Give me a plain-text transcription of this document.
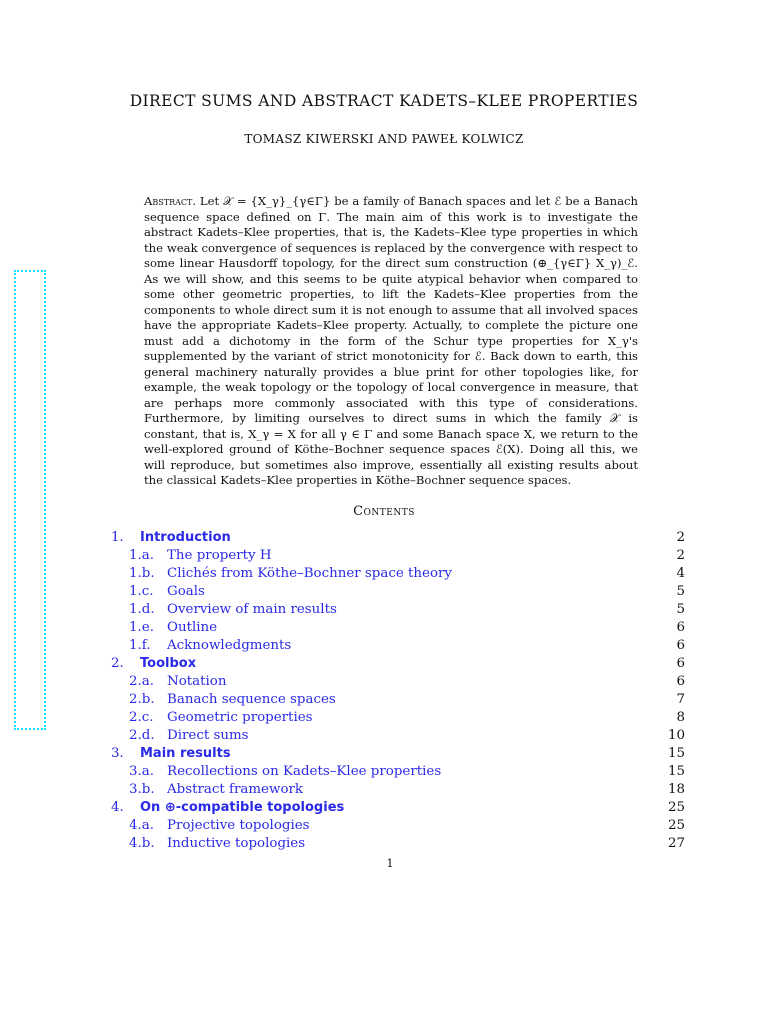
DIRECT SUMS AND ABSTRACT KADETS–KLEE PROPERTIES
TOMASZ KIWERSKI AND PAWEŁ KOLWICZ
Abstract. Let 𝒳 = {X_γ}_{γ∈Γ} be a family of Banach spaces and let ℰ be a Banach sequence space defined on Γ. The main aim of this work is to investigate the abstract Kadets–Klee properties, that is, the Kadets–Klee type properties in which the weak convergence of sequences is replaced by the convergence with respect to some linear Hausdorff topology, for the direct sum construction (⊕_{γ∈Γ} X_γ)_ℰ. As we will show, and this seems to be quite atypical behavior when compared to some other geometric properties, to lift the Kadets–Klee properties from the components to whole direct sum it is not enough to assume that all involved spaces have the appropriate Kadets–Klee property. Actually, to complete the picture one must add a dichotomy in the form of the Schur type properties for X_γ's supplemented by the variant of strict monotonicity for ℰ. Back down to earth, this general machinery naturally provides a blue print for other topologies like, for example, the weak topology or the topology of local convergence in measure, that are perhaps more commonly associated with this type of considerations. Furthermore, by limiting ourselves to direct sums in which the family 𝒳 is constant, that is, X_γ = X for all γ ∈ Γ and some Banach space X, we return to the well-explored ground of Köthe–Bochner sequence spaces ℰ(X). Doing all this, we will reproduce, but sometimes also improve, essentially all existing results about the classical Kadets–Klee properties in Köthe–Bochner sequence spaces.
Contents
1. Introduction	2
1.a. The property H	2
1.b. Clichés from Köthe–Bochner space theory	4
1.c. Goals	5
1.d. Overview of main results	5
1.e. Outline	6
1.f. Acknowledgments	6
2. Toolbox	6
2.a. Notation	6
2.b. Banach sequence spaces	7
2.c. Geometric properties	8
2.d. Direct sums	10
3. Main results	15
3.a. Recollections on Kadets–Klee properties	15
3.b. Abstract framework	18
4. On ⊕-compatible topologies	25
4.a. Projective topologies	25
4.b. Inductive topologies	27
1
